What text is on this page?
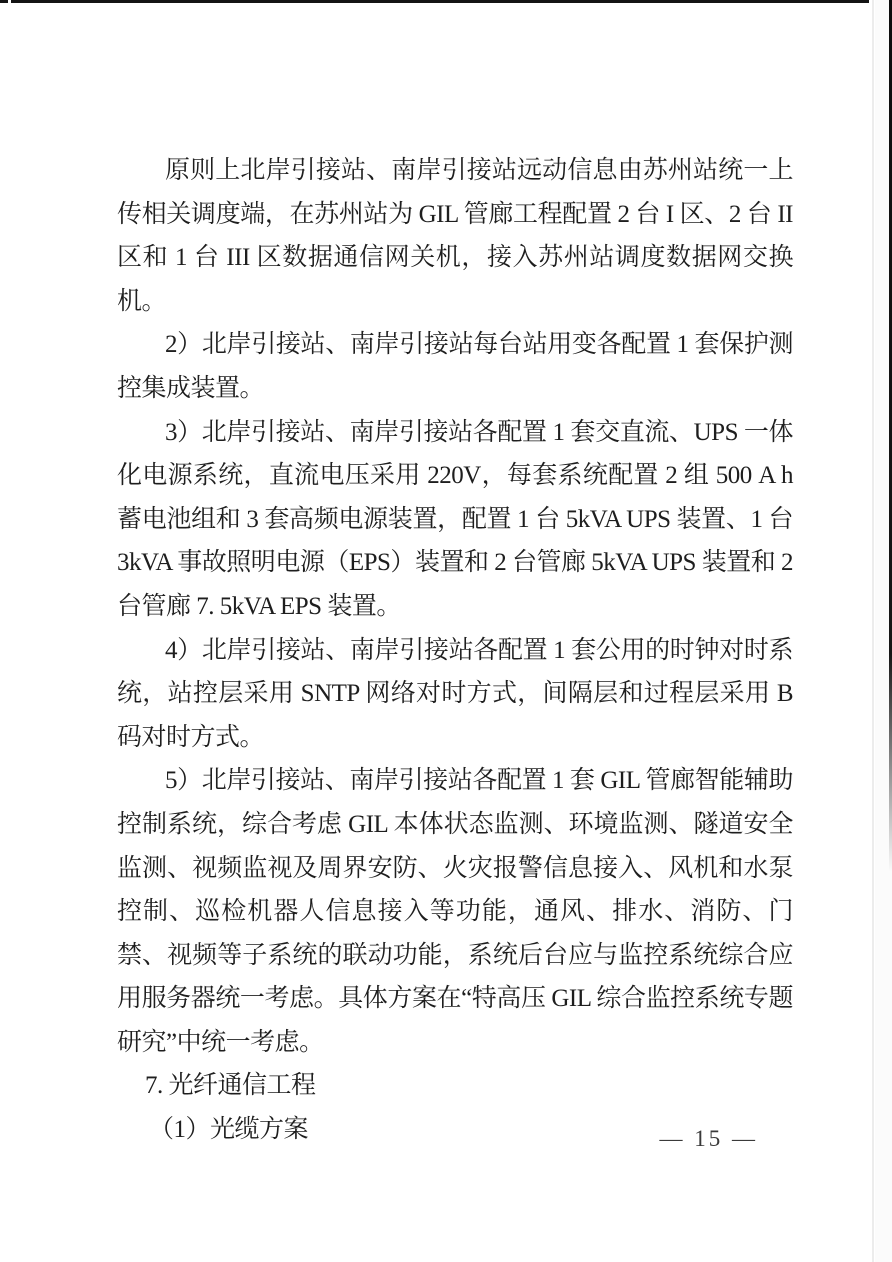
原则上北岸引接站、南岸引接站远动信息由苏州站统一上传相关调度端，在苏州站为 GIL 管廊工程配置 2 台 I 区、2 台 II 区和 1 台 III 区数据通信网关机，接入苏州站调度数据网交换机。

2）北岸引接站、南岸引接站每台站用变各配置 1 套保护测控集成装置。

3）北岸引接站、南岸引接站各配置 1 套交直流、UPS 一体化电源系统，直流电压采用 220V，每套系统配置 2 组 500 A h 蓄电池组和 3 套高频电源装置，配置 1 台 5kVA UPS 装置、1 台 3kVA 事故照明电源（EPS）装置和 2 台管廊 5kVA UPS 装置和 2 台管廊 7. 5kVA EPS 装置。

4）北岸引接站、南岸引接站各配置 1 套公用的时钟对时系统，站控层采用 SNTP 网络对时方式，间隔层和过程层采用 B 码对时方式。

5）北岸引接站、南岸引接站各配置 1 套 GIL 管廊智能辅助控制系统，综合考虑 GIL 本体状态监测、环境监测、隧道安全监测、视频监视及周界安防、火灾报警信息接入、风机和水泵控制、巡检机器人信息接入等功能，通风、排水、消防、门禁、视频等子系统的联动功能，系统后台应与监控系统综合应用服务器统一考虑。具体方案在“特高压 GIL 综合监控系统专题研究”中统一考虑。

7. 光纤通信工程

（1）光缆方案	— 15 —
